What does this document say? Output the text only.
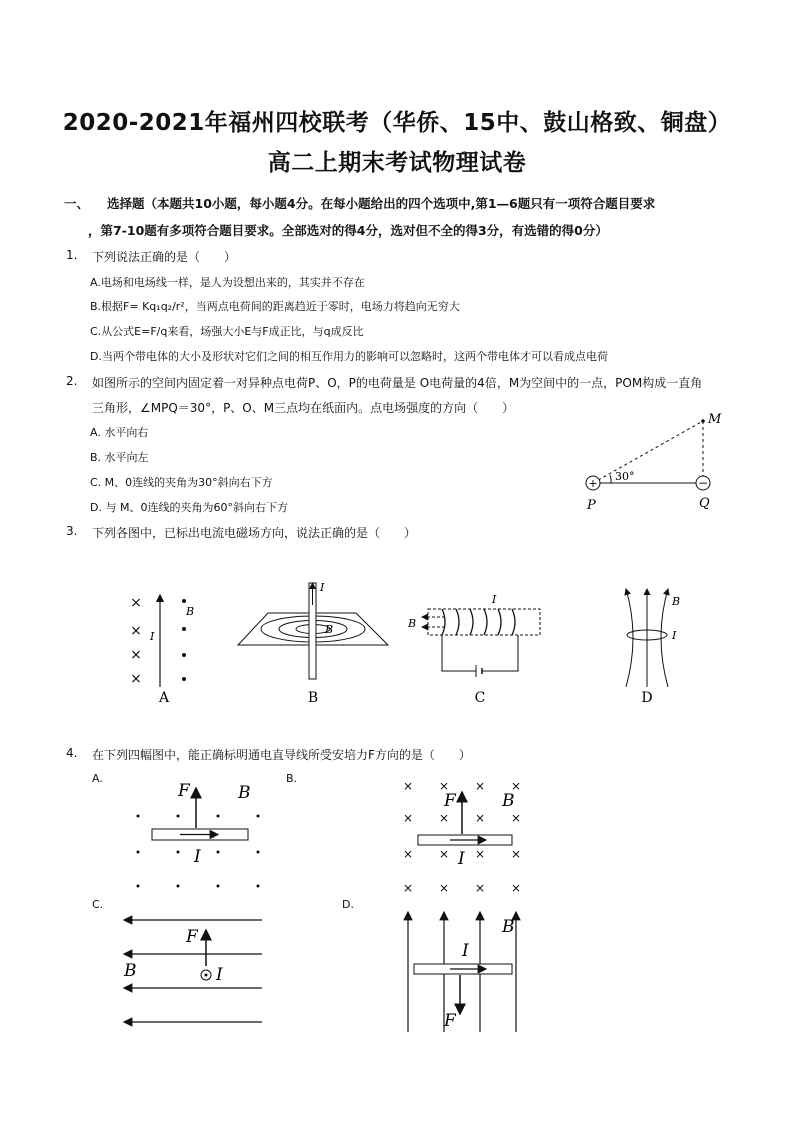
2020-2021年福州四校联考（华侨、15中、鼓山格致、铜盘）
高二上期末考试物理试卷
一、 选择题（本题共10小题，每小题4分。在每小题给出的四个选项中,第1—6题只有一项符合题目要求
，第7-10题有多项符合题目要求。全部选对的得4分，选对但不全的得3分，有选错的得0分）
1. 下列说法正确的是（　　）
A.电场和电场线一样，是人为设想出来的，其实并不存在
B.根据F= Kq₁q₂/r²，当两点电荷间的距离趋近于零时，电场力将趋向无穷大
C.从公式E=F/q来看，场强大小E与F成正比，与q成反比
D.当两个带电体的大小及形状对它们之间的相互作用力的影响可以忽略时，这两个带电体才可以看成点电荷
2. 如图所示的空间内固定着一对异种点电荷P、O，P的电荷量是 O电荷量的4倍，M为空间中的一点，POM构成一直角
三角形，∠MPQ＝30°，P、O、M三点均在纸面内。点电场强度的方向（　　）
A. 水平向右
B. 水平向左
C. M、0连线的夹角为30°斜向右下方
D. 与 M、0连线的夹角为60°斜向右下方
30°
M
+	−
P	Q
3. 下列各图中，已标出电流电磁场方向，说法正确的是（　　）
×
×
×
×
I
B
A
I
B
B
B
I
C
B
I
D
4. 在下列四幅图中，能正确标明通电直导线所受安培力F方向的是（　　）
A.	B.
C.	D.
F	B
I
× × × ×
× × × ×
× × × ×
× × × ×
F	B
I
F
B	I
I
B
F
